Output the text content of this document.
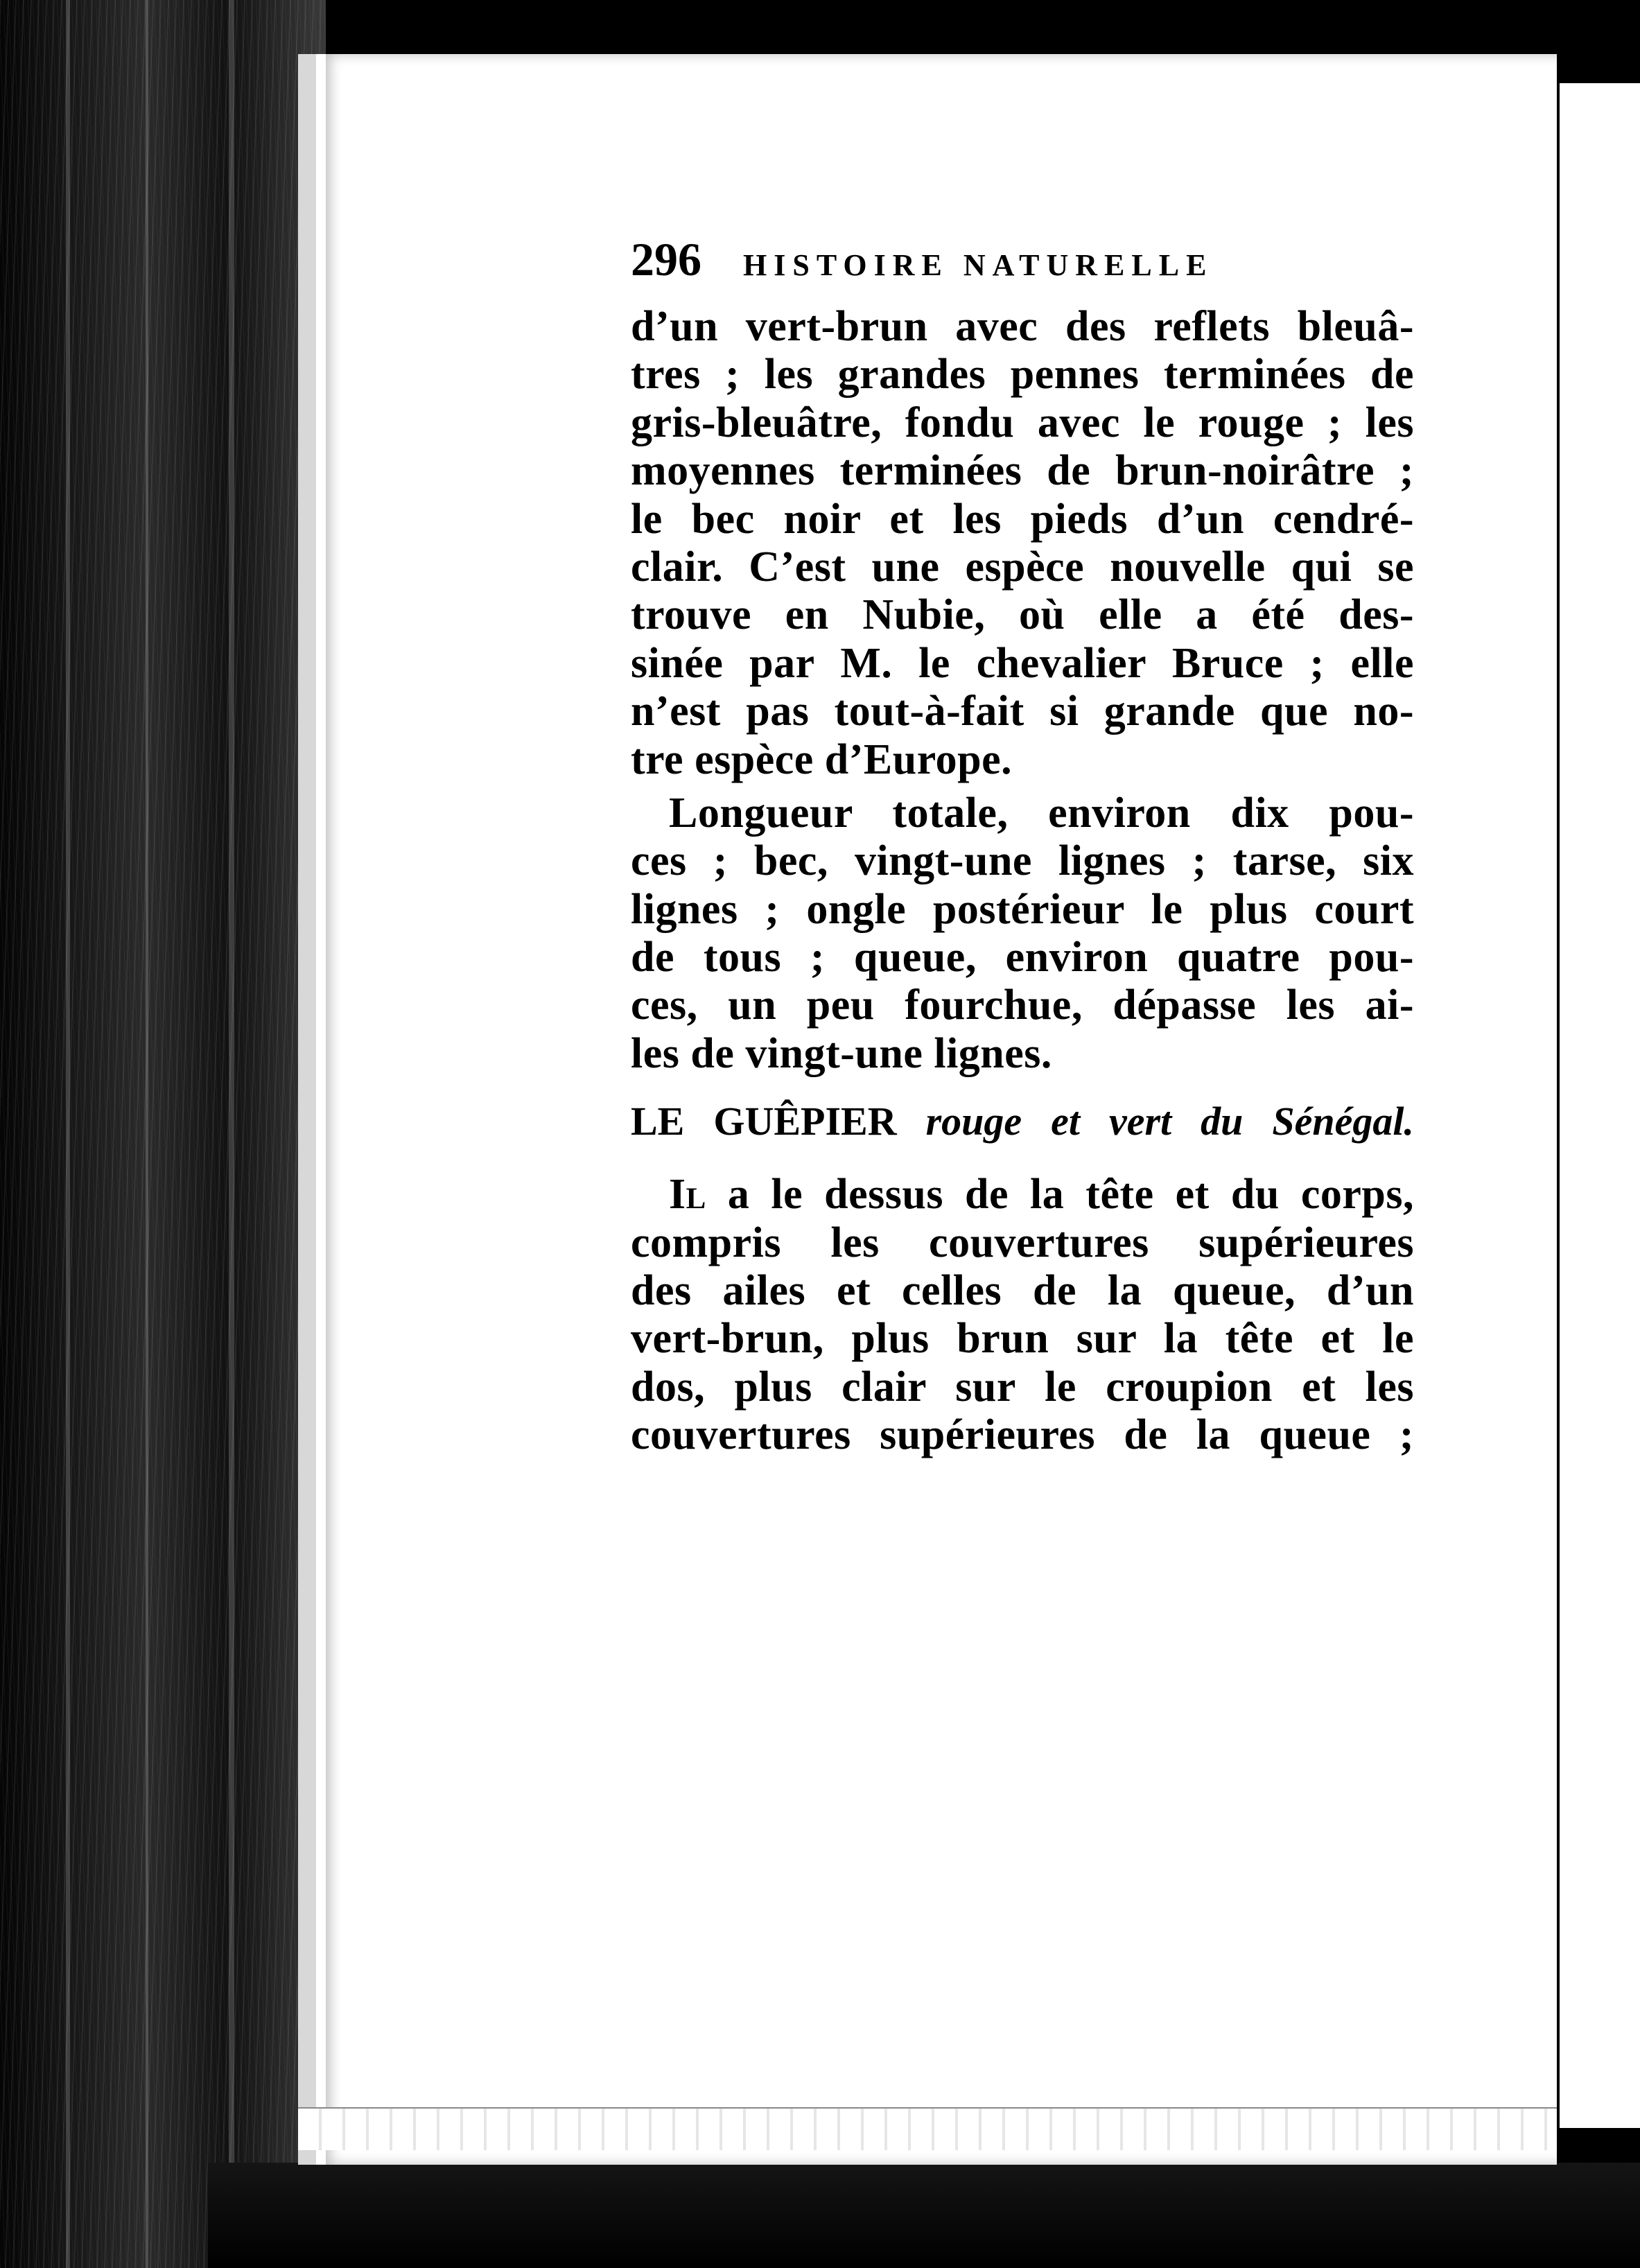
296 HISTOIRE NATURELLE
d’un vert-brun avec des reflets bleuâ-
tres ; les grandes pennes terminées de
gris-bleuâtre, fondu avec le rouge ; les
moyennes terminées de brun-noirâtre ;
le bec noir et les pieds d’un cendré-
clair. C’est une espèce nouvelle qui se
trouve en Nubie, où elle a été des-
sinée par M. le chevalier Bruce ; elle
n’est pas tout-à-fait si grande que no-
tre espèce d’Europe.
Longueur totale, environ dix pou-
ces ; bec, vingt-une lignes ; tarse, six
lignes ; ongle postérieur le plus court
de tous ; queue, environ quatre pou-
ces, un peu fourchue, dépasse les ai-
les de vingt-une lignes.
LE GUÊPIER rouge et vert du Sénégal.
Il a le dessus de la tête et du corps,
compris les couvertures supérieures
des ailes et celles de la queue, d’un
vert-brun, plus brun sur la tête et le
dos, plus clair sur le croupion et les
couvertures supérieures de la queue ;
